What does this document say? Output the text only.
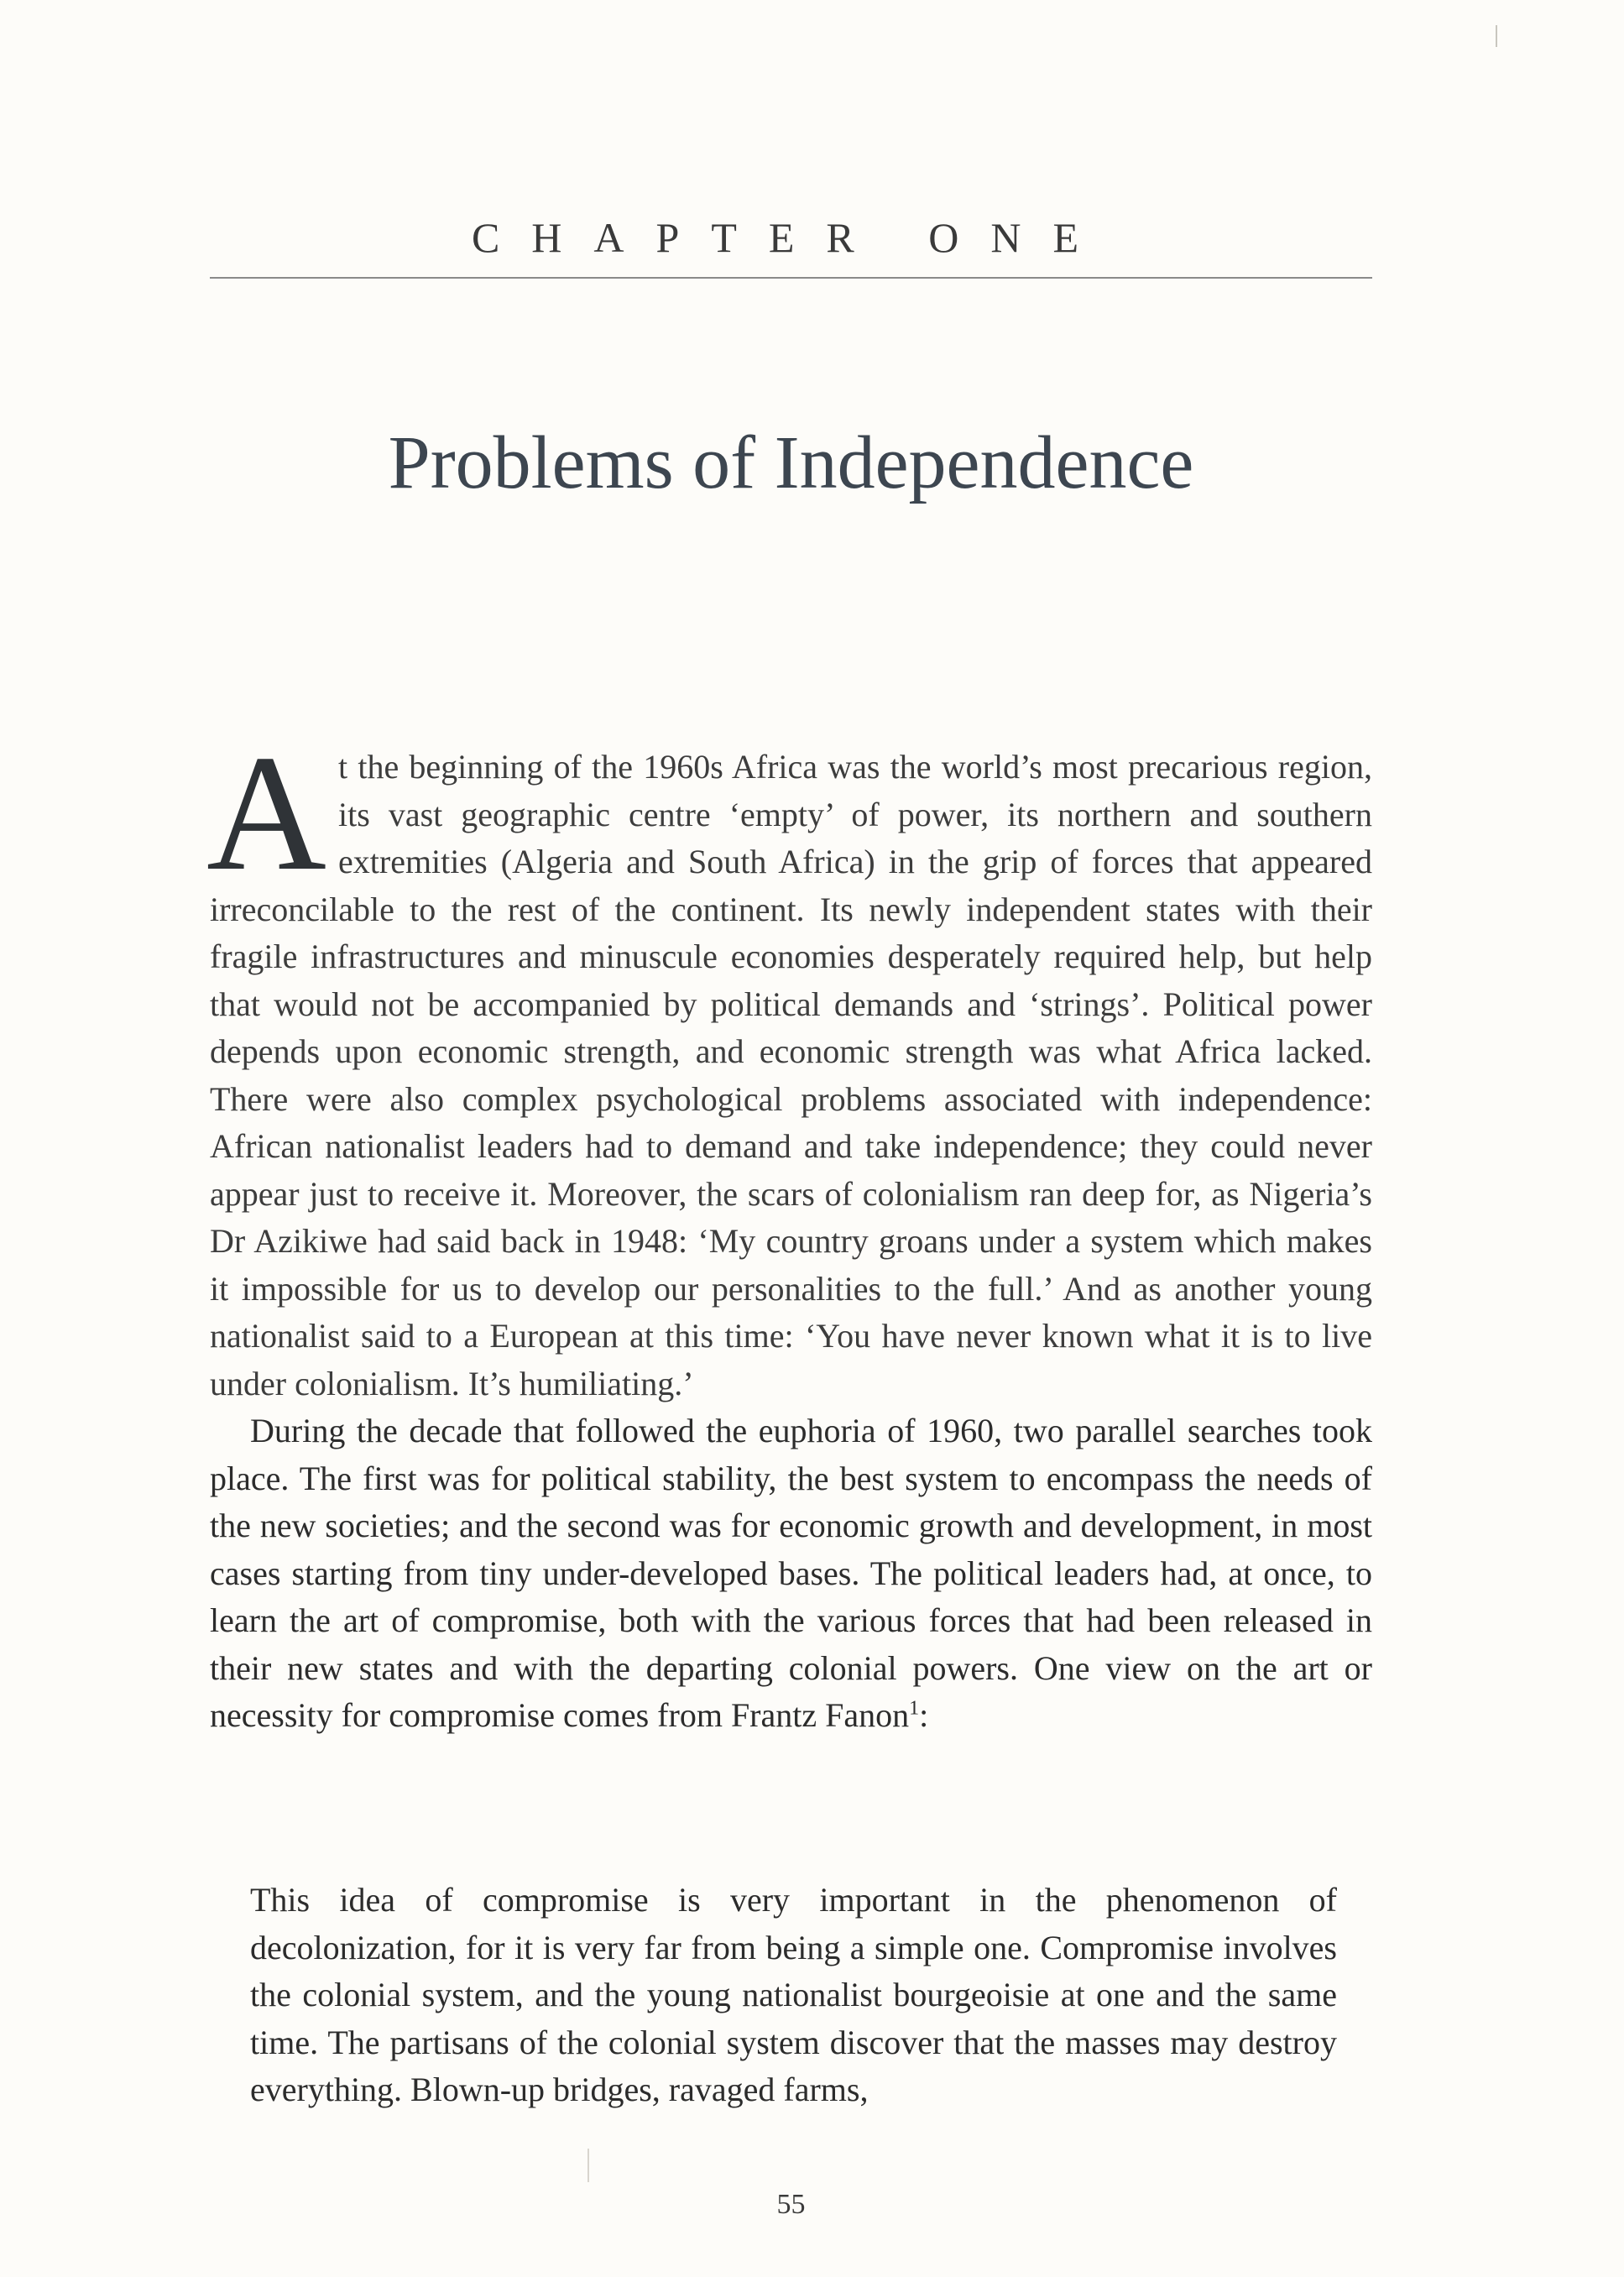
CHAPTER ONE
Problems of Independence

At the beginning of the 1960s Africa was the world’s most precarious region, its vast geographic centre ‘empty’ of power, its northern and southern extremities (Algeria and South Africa) in the grip of forces that appeared irreconcilable to the rest of the continent. Its newly independent states with their fragile infrastructures and minuscule economies desperately required help, but help that would not be accompanied by political demands and ‘strings’. Political power depends upon economic strength, and economic strength was what Africa lacked. There were also complex psychological problems associated with independence: African nationalist leaders had to demand and take independence; they could never appear just to receive it. Moreover, the scars of colonialism ran deep for, as Nigeria’s Dr Azikiwe had said back in 1948: ‘My country groans under a system which makes it impossible for us to develop our personalities to the full.’ And as another young nationalist said to a European at this time: ‘You have never known what it is to live under colonialism. It’s humiliating.’

During the decade that followed the euphoria of 1960, two parallel searches took place. The first was for political stability, the best system to encompass the needs of the new societies; and the second was for economic growth and development, in most cases starting from tiny under-developed bases. The political leaders had, at once, to learn the art of compromise, both with the various forces that had been released in their new states and with the departing colonial powers. One view on the art or necessity for compromise comes from Frantz Fanon$^1$:

This idea of compromise is very important in the phenomenon of decolonization, for it is very far from being a simple one. Compromise involves the colonial system, and the young nationalist bourgeoisie at one and the same time. The partisans of the colonial system discover that the masses may destroy everything. Blown-up bridges, ravaged farms,

55
